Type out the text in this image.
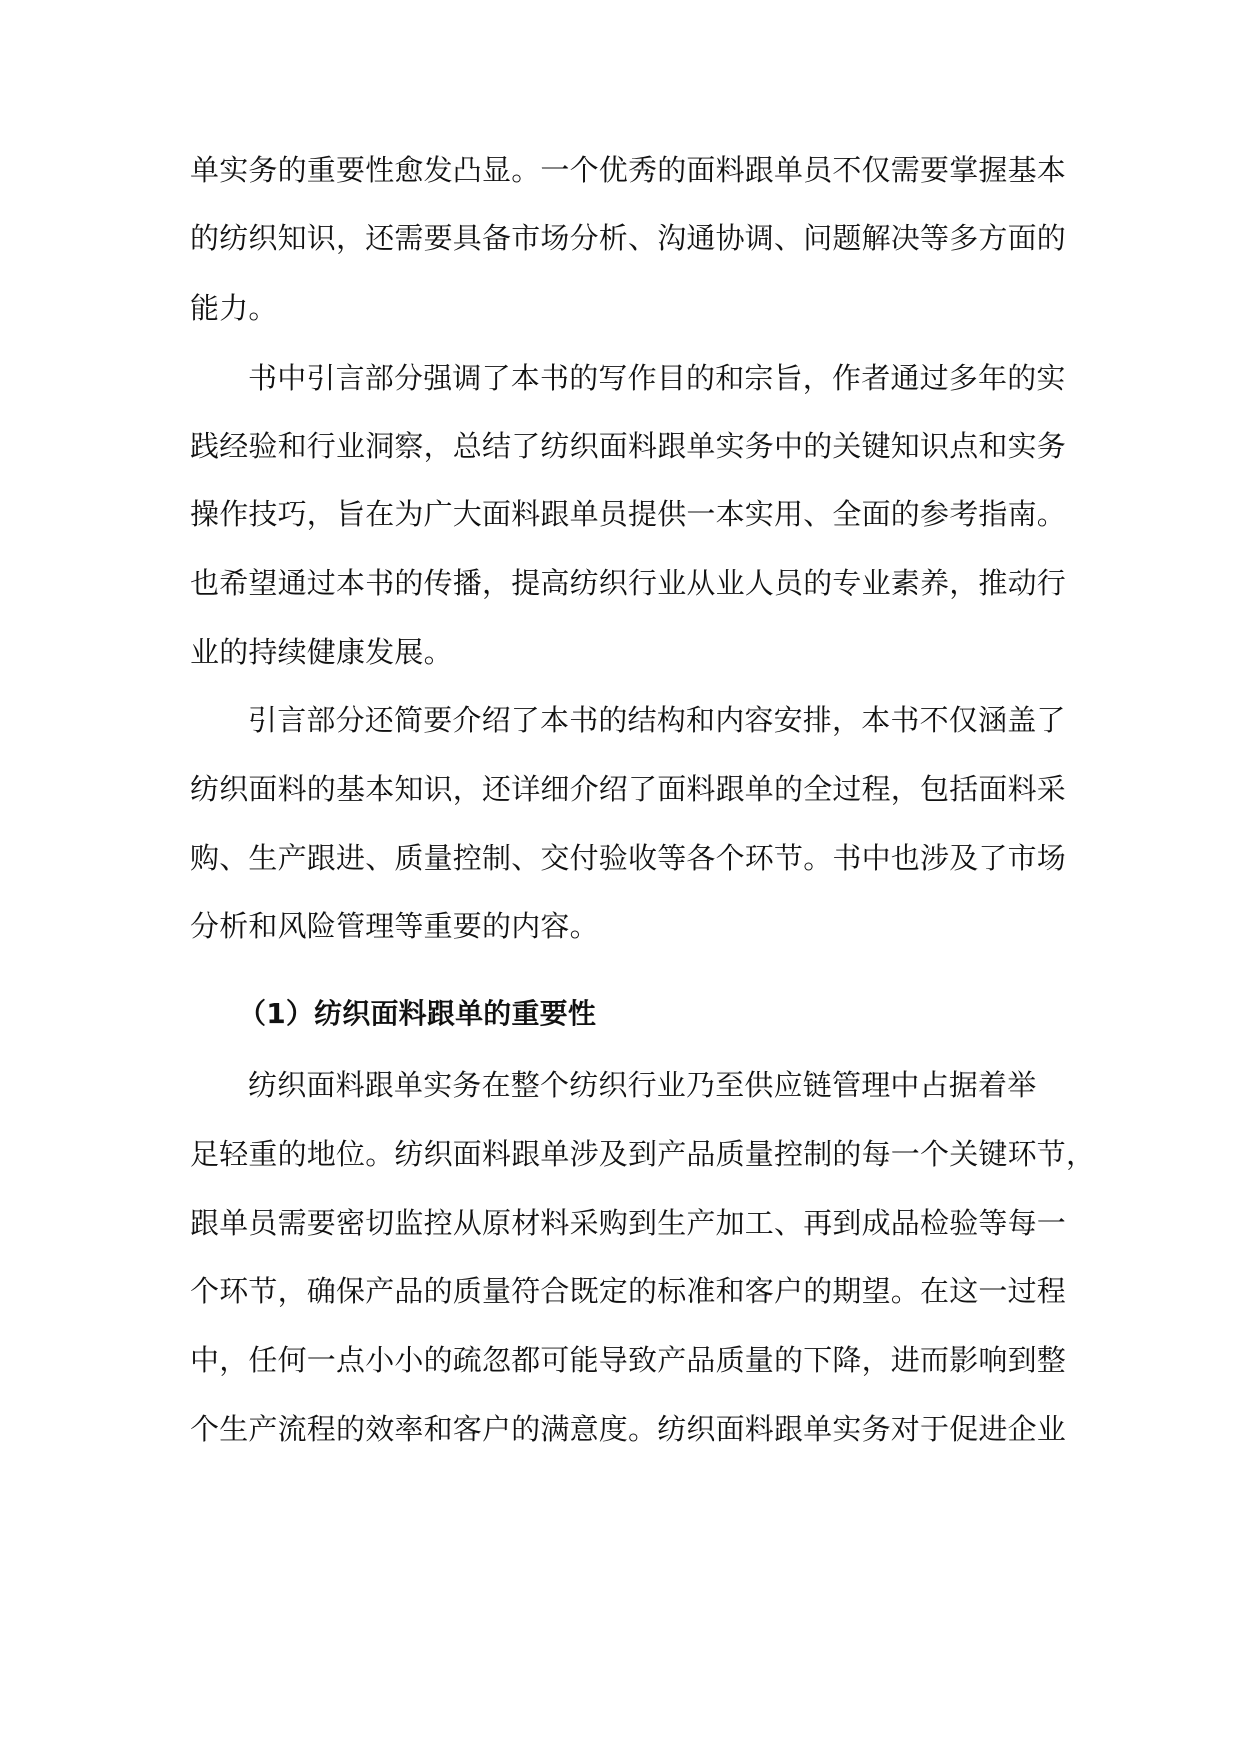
单实务的重要性愈发凸显。一个优秀的面料跟单员不仅需要掌握基本
的纺织知识，还需要具备市场分析、沟通协调、问题解决等多方面的
能力。
书中引言部分强调了本书的写作目的和宗旨，作者通过多年的实
践经验和行业洞察，总结了纺织面料跟单实务中的关键知识点和实务
操作技巧，旨在为广大面料跟单员提供一本实用、全面的参考指南。
也希望通过本书的传播，提高纺织行业从业人员的专业素养，推动行
业的持续健康发展。
引言部分还简要介绍了本书的结构和内容安排，本书不仅涵盖了
纺织面料的基本知识，还详细介绍了面料跟单的全过程，包括面料采
购、生产跟进、质量控制、交付验收等各个环节。书中也涉及了市场
分析和风险管理等重要的内容。
（1）纺织面料跟单的重要性
纺织面料跟单实务在整个纺织行业乃至供应链管理中占据着举
足轻重的地位。纺织面料跟单涉及到产品质量控制的每一个关键环节，
跟单员需要密切监控从原材料采购到生产加工、再到成品检验等每一
个环节，确保产品的质量符合既定的标准和客户的期望。在这一过程
中，任何一点小小的疏忽都可能导致产品质量的下降，进而影响到整
个生产流程的效率和客户的满意度。纺织面料跟单实务对于促进企业
